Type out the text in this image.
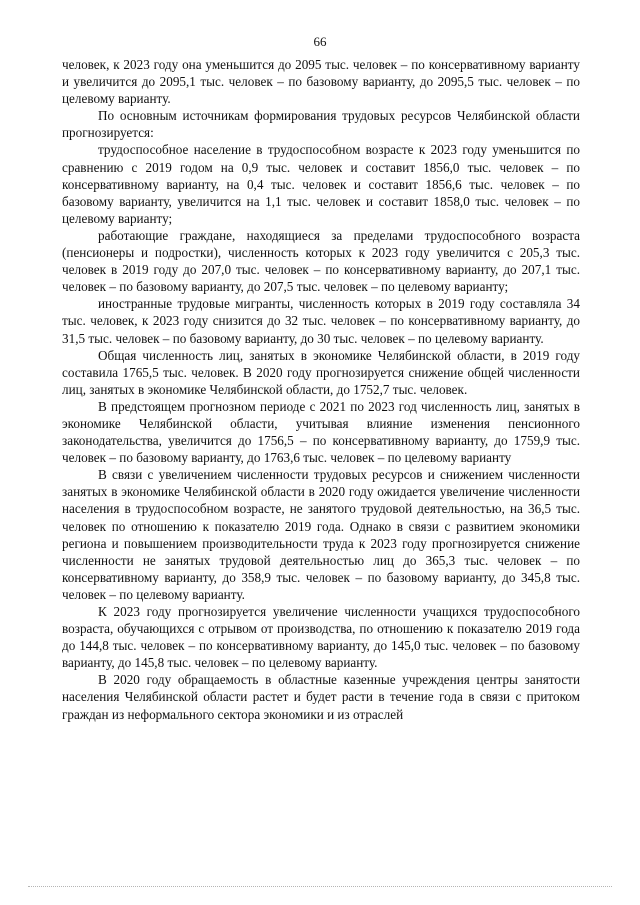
66

человек, к 2023 году она уменьшится до 2095 тыс. человек – по консервативному варианту и увеличится до 2095,1 тыс. человек – по базовому варианту, до 2095,5 тыс. человек – по целевому варианту.

По основным источникам формирования трудовых ресурсов Челябинской области прогнозируется:

трудоспособное население в трудоспособном возрасте к 2023 году уменьшится по сравнению с 2019 годом на 0,9 тыс. человек и составит 1856,0 тыс. человек – по консервативному варианту, на 0,4 тыс. человек и составит 1856,6 тыс. человек – по базовому варианту, увеличится на 1,1 тыс. человек и составит 1858,0 тыс. человек – по целевому варианту;

работающие граждане, находящиеся за пределами трудоспособного возраста (пенсионеры и подростки), численность которых к 2023 году увеличится с 205,3 тыс. человек в 2019 году до 207,0 тыс. человек – по консервативному варианту, до 207,1 тыс. человек – по базовому варианту, до 207,5 тыс. человек – по целевому варианту;

иностранные трудовые мигранты, численность которых в 2019 году составляла 34 тыс. человек, к 2023 году снизится до 32 тыс. человек – по консервативному варианту, до 31,5 тыс. человек – по базовому варианту, до 30 тыс. человек – по целевому варианту.

Общая численность лиц, занятых в экономике Челябинской области, в 2019 году составила 1765,5 тыс. человек. В 2020 году прогнозируется снижение общей численности лиц, занятых в экономике Челябинской области, до 1752,7 тыс. человек.

В предстоящем прогнозном периоде с 2021 по 2023 год численность лиц, занятых в экономике Челябинской области, учитывая влияние изменения пенсионного законодательства, увеличится до 1756,5 – по консервативному варианту, до 1759,9 тыс. человек – по базовому варианту, до 1763,6 тыс. человек – по целевому варианту

В связи с увеличением численности трудовых ресурсов и снижением численности занятых в экономике Челябинской области в 2020 году ожидается увеличение численности населения в трудоспособном возрасте, не занятого трудовой деятельностью, на 36,5 тыс. человек по отношению к показателю 2019 года. Однако в связи с развитием экономики региона и повышением производительности труда к 2023 году прогнозируется снижение численности не занятых трудовой деятельностью лиц до 365,3 тыс. человек – по консервативному варианту, до 358,9 тыс. человек – по базовому варианту, до 345,8 тыс. человек – по целевому варианту.

К 2023 году прогнозируется увеличение численности учащихся трудоспособного возраста, обучающихся с отрывом от производства, по отношению к показателю 2019 года до 144,8 тыс. человек – по консервативному варианту, до 145,0 тыс. человек – по базовому варианту, до 145,8 тыс. человек – по целевому варианту.

В 2020 году обращаемость в областные казенные учреждения центры занятости населения Челябинской области растет и будет расти в течение года в связи с притоком граждан из неформального сектора экономики и из отраслей
